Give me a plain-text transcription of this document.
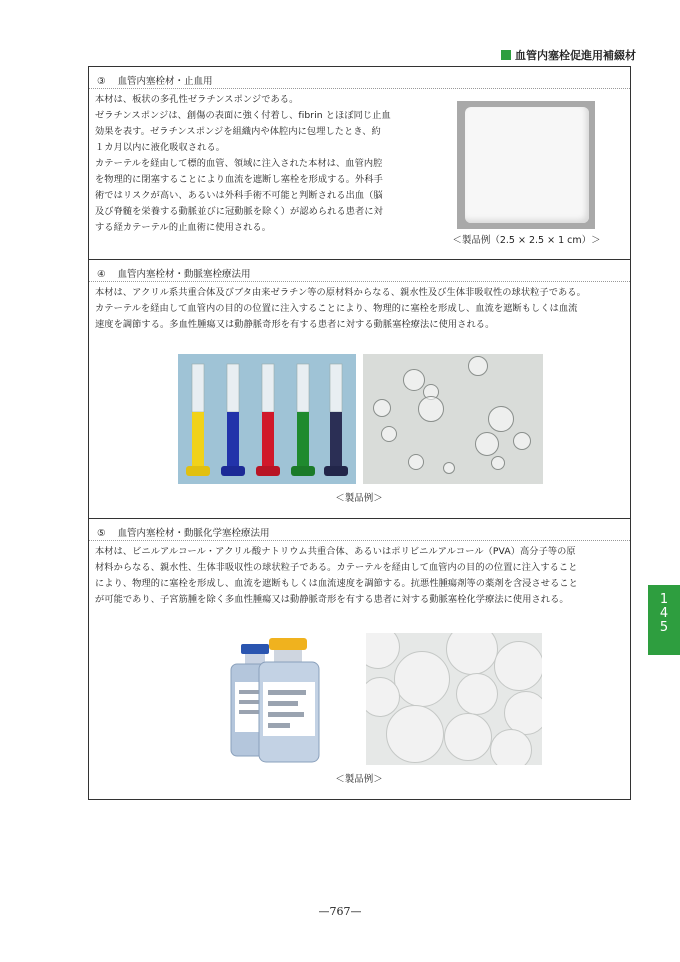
血管内塞栓促進用補綴材
③ 血管内塞栓材・止血用
本材は、板状の多孔性ゼラチンスポンジである。
ゼラチンスポンジは、創傷の表面に強く付着し、fibrin とほぼ同じ止血
効果を表す。ゼラチンスポンジを組織内や体腔内に包埋したとき、約
１カ月以内に液化吸収される。
カテーテルを経由して標的血管、領域に注入された本材は、血管内腔
を物理的に閉塞することにより血流を遮断し塞栓を形成する。外科手
術ではリスクが高い、あるいは外科手術不可能と判断される出血（脳
及び脊髄を栄養する動脈並びに冠動脈を除く）が認められる患者に対
する経カテーテル的止血術に使用される。
＜製品例（2.5 × 2.5 × 1 cm）＞
④ 血管内塞栓材・動脈塞栓療法用
本材は、アクリル系共重合体及びブタ由来ゼラチン等の原材料からなる、親水性及び生体非吸収性の球状粒子である。
カテーテルを経由して血管内の目的の位置に注入することにより、物理的に塞栓を形成し、血流を遮断もしくは血流
速度を調節する。多血性腫瘍又は動静脈奇形を有する患者に対する動脈塞栓療法に使用される。
＜製品例＞
⑤ 血管内塞栓材・動脈化学塞栓療法用
本材は、ビニルアルコール・アクリル酸ナトリウム共重合体、あるいはポリビニルアルコール（PVA）高分子等の原
材料からなる、親水性、生体非吸収性の球状粒子である。カテーテルを経由して血管内の目的の位置に注入すること
により、物理的に塞栓を形成し、血流を遮断もしくは血流速度を調節する。抗悪性腫瘍剤等の薬剤を含浸させること
が可能であり、子宮筋腫を除く多血性腫瘍又は動静脈奇形を有する患者に対する動脈塞栓化学療法に使用される。
＜製品例＞
1
4
5
—767—
